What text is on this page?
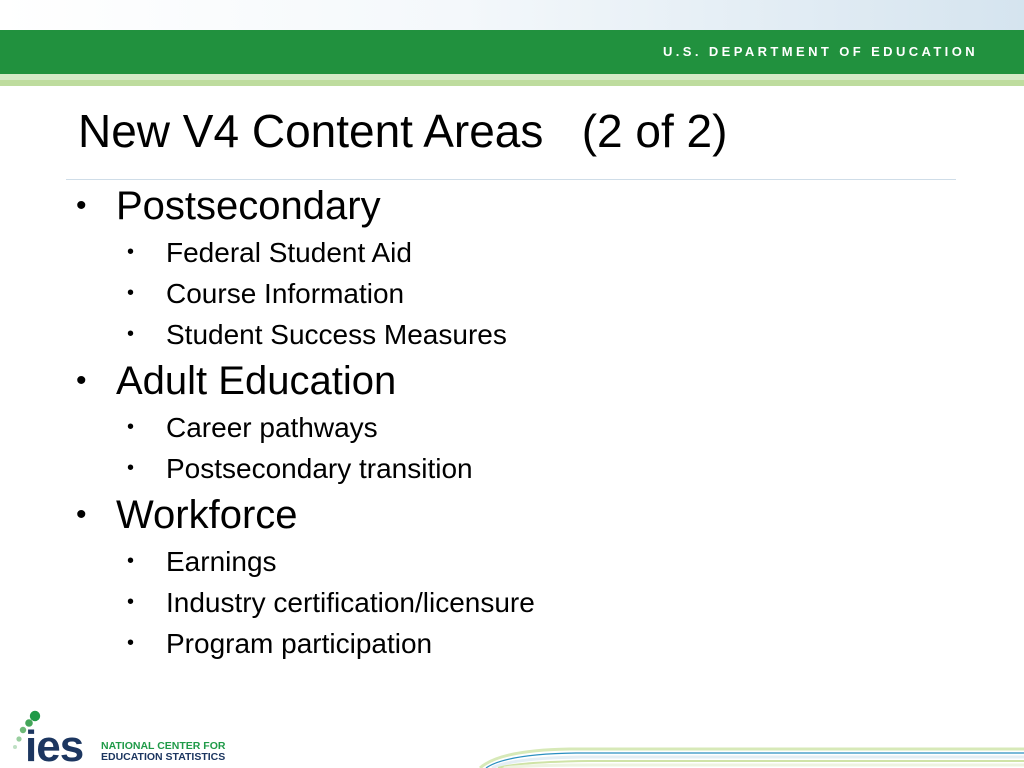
U.S. DEPARTMENT OF EDUCATION
New V4 Content Areas   (2 of 2)
• Postsecondary
• Federal Student Aid
• Course Information
• Student Success Measures
• Adult Education
• Career pathways
• Postsecondary transition
• Workforce
• Earnings
• Industry certification/licensure
• Program participation
ies NATIONAL CENTER FOR
EDUCATION STATISTICS
